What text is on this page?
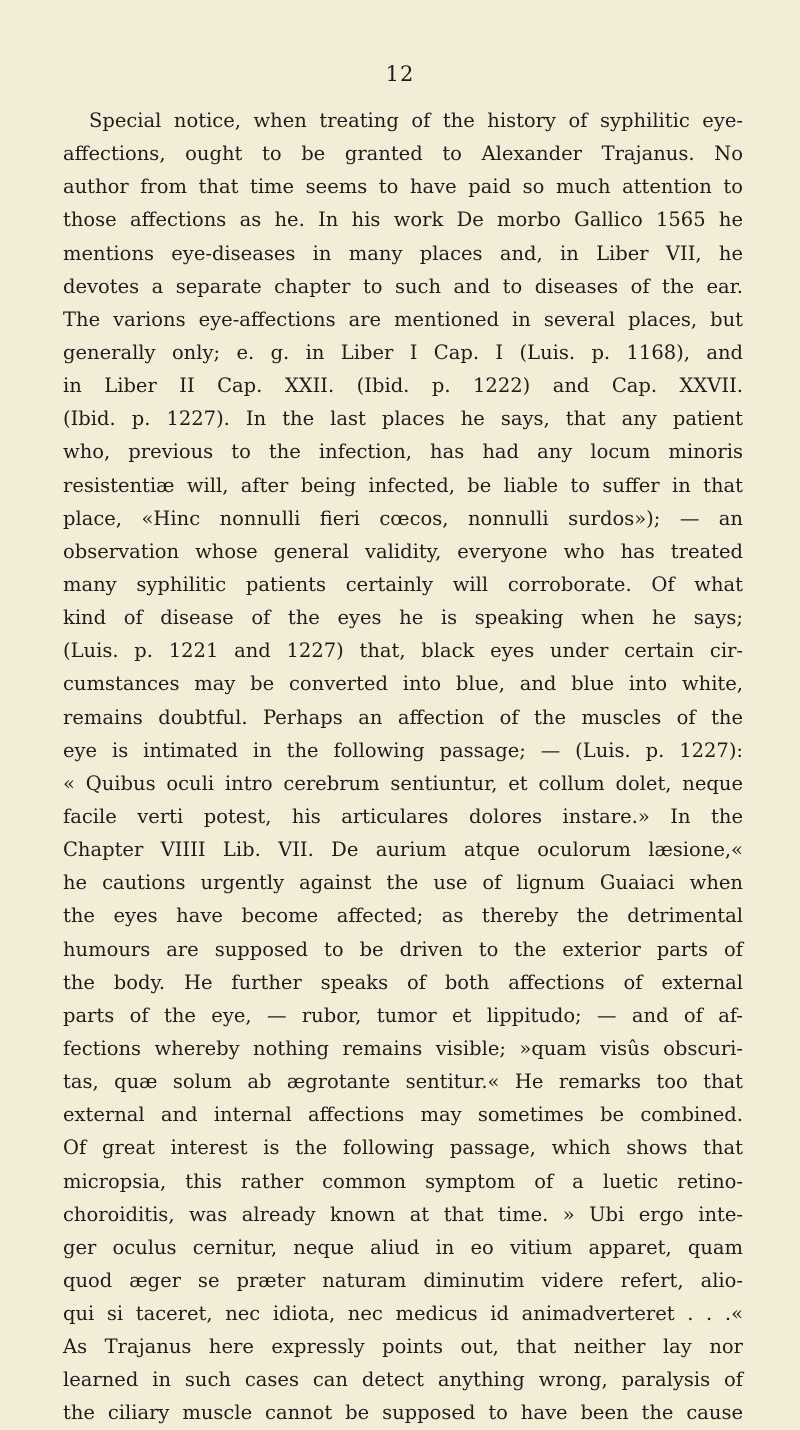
12
Special notice, when treating of the history of syphilitic eye-
affections, ought to be granted to Alexander Trajanus. No
author from that time seems to have paid so much attention to
those affections as he. In his work De morbo Gallico 1565 he
mentions eye-diseases in many places and, in Liber VII, he
devotes a separate chapter to such and to diseases of the ear.
The varions eye-affections are mentioned in several places, but
generally only; e. g. in Liber I Cap. I (Luis. p. 1168), and
in Liber II Cap. XXII. (Ibid. p. 1222) and Cap. XXVII.
(Ibid. p. 1227). In the last places he says, that any patient
who, previous to the infection, has had any locum minoris
resistentiæ will, after being infected, be liable to suffer in that
place, «Hinc nonnulli fieri cœcos, nonnulli surdos»); — an
observation whose general validity, everyone who has treated
many syphilitic patients certainly will corroborate. Of what
kind of disease of the eyes he is speaking when he says;
(Luis. p. 1221 and 1227) that, black eyes under certain cir-
cumstances may be converted into blue, and blue into white,
remains doubtful. Perhaps an affection of the muscles of the
eye is intimated in the following passage; — (Luis. p. 1227):
« Quibus oculi intro cerebrum sentiuntur, et collum dolet, neque
facile verti potest, his articulares dolores instare.» In the
Chapter VIIII Lib. VII. De aurium atque oculorum læsione,«
he cautions urgently against the use of lignum Guaiaci when
the eyes have become affected; as thereby the detrimental
humours are supposed to be driven to the exterior parts of
the body. He further speaks of both affections of external
parts of the eye, — rubor, tumor et lippitudo; — and of af-
fections whereby nothing remains visible; »quam visûs obscuri-
tas, quæ solum ab ægrotante sentitur.« He remarks too that
external and internal affections may sometimes be combined.
Of great interest is the following passage, which shows that
micropsia, this rather common symptom of a luetic retino-
choroiditis, was already known at that time. » Ubi ergo inte-
ger oculus cernitur, neque aliud in eo vitium apparet, quam
quod æger se præter naturam diminutim videre refert, alio-
qui si taceret, nec idiota, nec medicus id animadverteret . . .«
As Trajanus here expressly points out, that neither lay nor
learned in such cases can detect anything wrong, paralysis of
the ciliary muscle cannot be supposed to have been the cause
